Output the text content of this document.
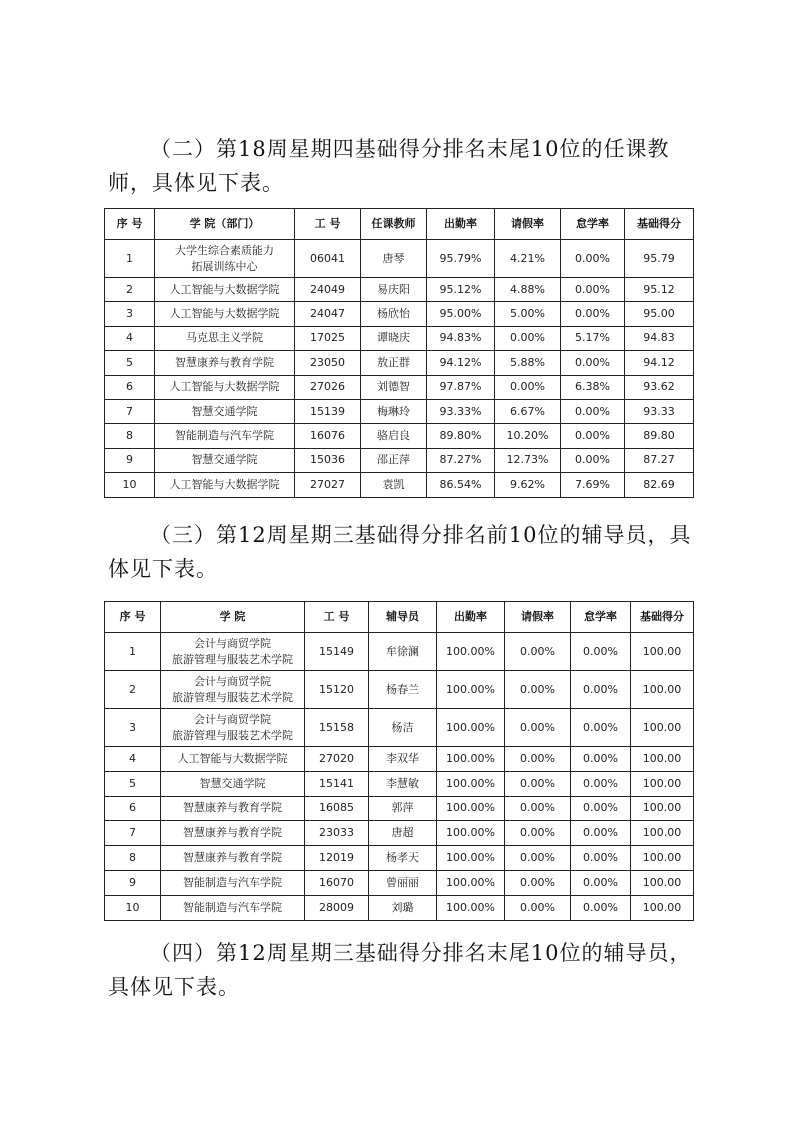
（二）第18周星期四基础得分排名末尾10位的任课教师，具体见下表。

序 号	学 院（部门）	工 号	任课教师	出勤率	请假率	怠学率	基础得分
1	大学生综合素质能力
拓展训练中心	06041	唐琴	95.79%	4.21%	0.00%	95.79
2	人工智能与大数据学院	24049	易庆阳	95.12%	4.88%	0.00%	95.12
3	人工智能与大数据学院	24047	杨欣怡	95.00%	5.00%	0.00%	95.00
4	马克思主义学院	17025	谭晓庆	94.83%	0.00%	5.17%	94.83
5	智慧康养与教育学院	23050	敖正群	94.12%	5.88%	0.00%	94.12
6	人工智能与大数据学院	27026	刘德智	97.87%	0.00%	6.38%	93.62
7	智慧交通学院	15139	梅琳玲	93.33%	6.67%	0.00%	93.33
8	智能制造与汽车学院	16076	骆启良	89.80%	10.20%	0.00%	89.80
9	智慧交通学院	15036	邵正萍	87.27%	12.73%	0.00%	87.27
10	人工智能与大数据学院	27027	袁凯	86.54%	9.62%	7.69%	82.69

（三）第12周星期三基础得分排名前10位的辅导员，具体见下表。

序 号	学 院	工 号	辅导员	出勤率	请假率	怠学率	基础得分
1	会计与商贸学院
旅游管理与服装艺术学院	15149	牟徐澜	100.00%	0.00%	0.00%	100.00
2	会计与商贸学院
旅游管理与服装艺术学院	15120	杨春兰	100.00%	0.00%	0.00%	100.00
3	会计与商贸学院
旅游管理与服装艺术学院	15158	杨洁	100.00%	0.00%	0.00%	100.00
4	人工智能与大数据学院	27020	李双华	100.00%	0.00%	0.00%	100.00
5	智慧交通学院	15141	李慧敏	100.00%	0.00%	0.00%	100.00
6	智慧康养与教育学院	16085	郭萍	100.00%	0.00%	0.00%	100.00
7	智慧康养与教育学院	23033	唐超	100.00%	0.00%	0.00%	100.00
8	智慧康养与教育学院	12019	杨孝天	100.00%	0.00%	0.00%	100.00
9	智能制造与汽车学院	16070	曾丽丽	100.00%	0.00%	0.00%	100.00
10	智能制造与汽车学院	28009	刘璐	100.00%	0.00%	0.00%	100.00

（四）第12周星期三基础得分排名末尾10位的辅导员，具体见下表。
